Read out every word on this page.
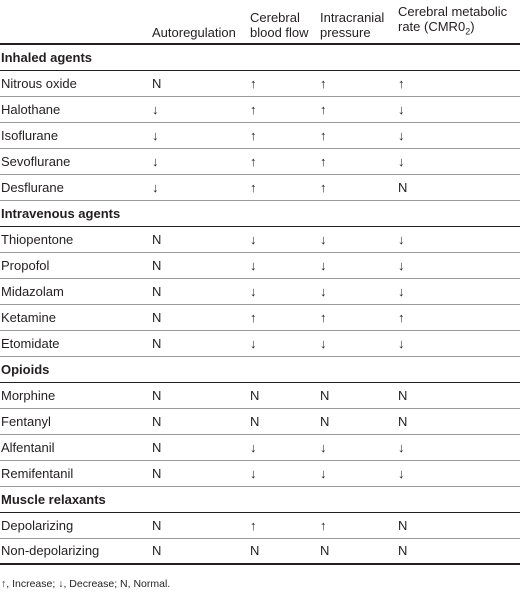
	Autoregulation	Cerebral blood flow	Intracranial pressure	Cerebral metabolic rate $(CMR0_2)$
Inhaled agents				
Nitrous oxide	N	↑	↑	↑
Halothane	↓	↑	↑	↓
Isoflurane	↓	↑	↑	↓
Sevoflurane	↓	↑	↑	↓
Desflurane	↓	↑	↑	N
Intravenous agents				
Thiopentone	N	↓	↓	↓
Propofol	N	↓	↓	↓
Midazolam	N	↓	↓	↓
Ketamine	N	↑	↑	↑
Etomidate	N	↓	↓	↓
Opioids				
Morphine	N	N	N	N
Fentanyl	N	N	N	N
Alfentanil	N	↓	↓	↓
Remifentanil	N	↓	↓	↓
Muscle relaxants				
Depolarizing	N	↑	↑	N
Non-depolarizing	N	N	N	N
↑, Increase; ↓, Decrease; N, Normal.
